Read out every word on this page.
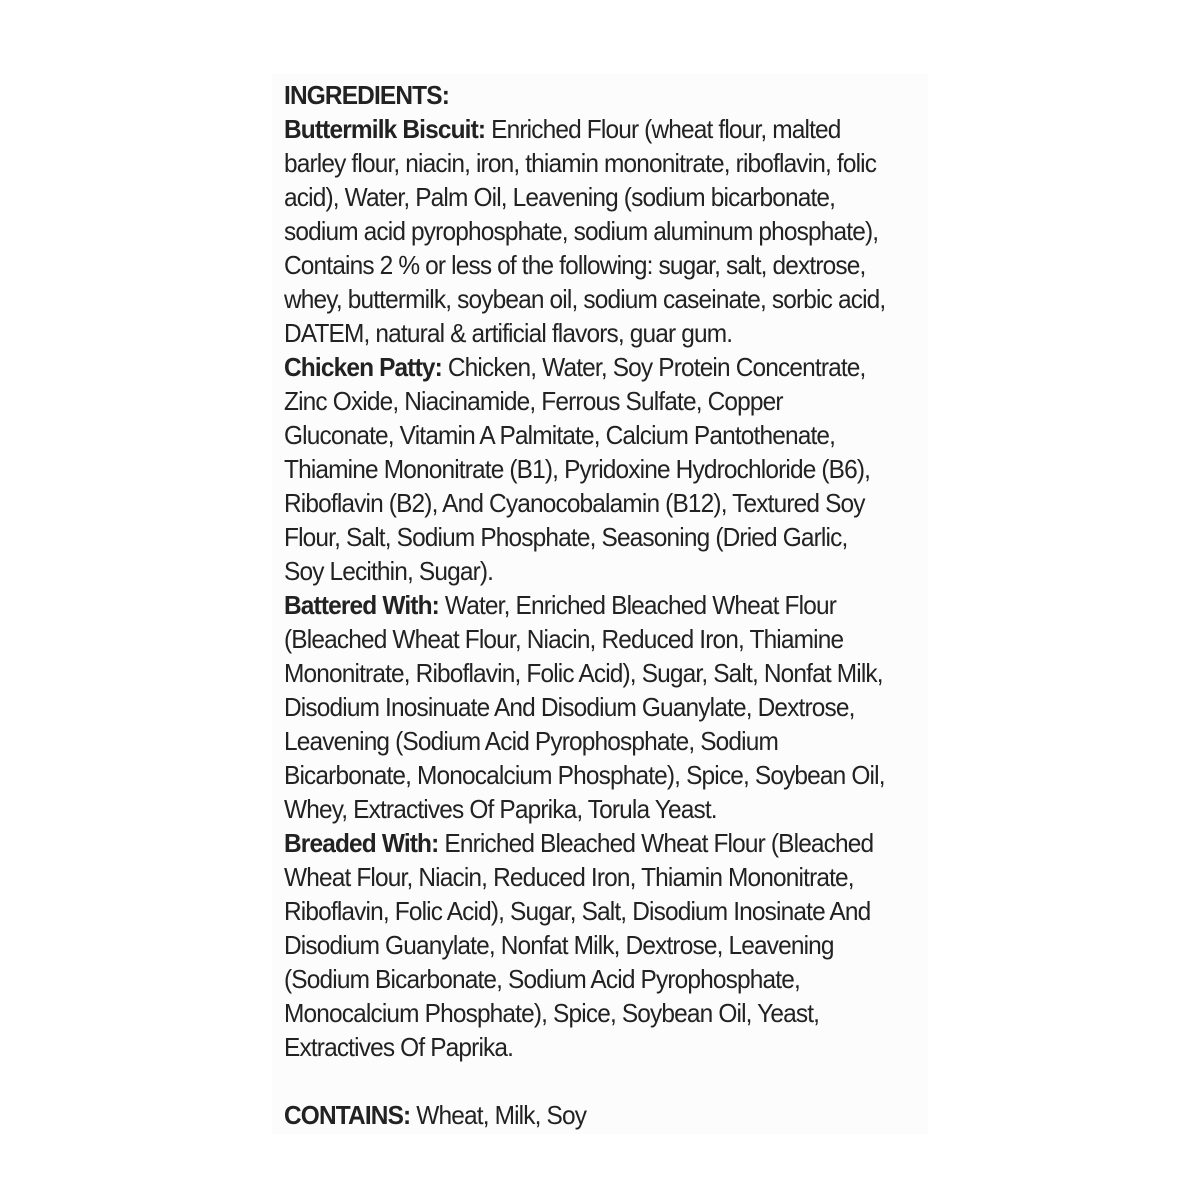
INGREDIENTS:

Buttermilk Biscuit: Enriched Flour (wheat flour, malted barley flour, niacin, iron, thiamin mononitrate, riboflavin, folic acid), Water, Palm Oil, Leavening (sodium bicarbonate, sodium acid pyrophosphate, sodium aluminum phosphate), Contains 2 % or less of the following: sugar, salt, dextrose, whey, buttermilk, soybean oil, sodium caseinate, sorbic acid, DATEM, natural & artificial flavors, guar gum.

Chicken Patty: Chicken, Water, Soy Protein Concentrate, Zinc Oxide, Niacinamide, Ferrous Sulfate, Copper Gluconate, Vitamin A Palmitate, Calcium Pantothenate, Thiamine Mononitrate (B1), Pyridoxine Hydrochloride (B6), Riboflavin (B2), And Cyanocobalamin (B12), Textured Soy Flour, Salt, Sodium Phosphate, Seasoning (Dried Garlic, Soy Lecithin, Sugar).

Battered With: Water, Enriched Bleached Wheat Flour (Bleached Wheat Flour, Niacin, Reduced Iron, Thiamine Mononitrate, Riboflavin, Folic Acid), Sugar, Salt, Nonfat Milk, Disodium Inosinuate And Disodium Guanylate, Dextrose, Leavening (Sodium Acid Pyrophosphate, Sodium Bicarbonate, Monocalcium Phosphate), Spice, Soybean Oil, Whey, Extractives Of Paprika, Torula Yeast.

Breaded With: Enriched Bleached Wheat Flour (Bleached Wheat Flour, Niacin, Reduced Iron, Thiamin Mononitrate, Riboflavin, Folic Acid), Sugar, Salt, Disodium Inosinate And Disodium Guanylate, Nonfat Milk, Dextrose, Leavening (Sodium Bicarbonate, Sodium Acid Pyrophosphate, Monocalcium Phosphate), Spice, Soybean Oil, Yeast, Extractives Of Paprika.

CONTAINS: Wheat, Milk, Soy
